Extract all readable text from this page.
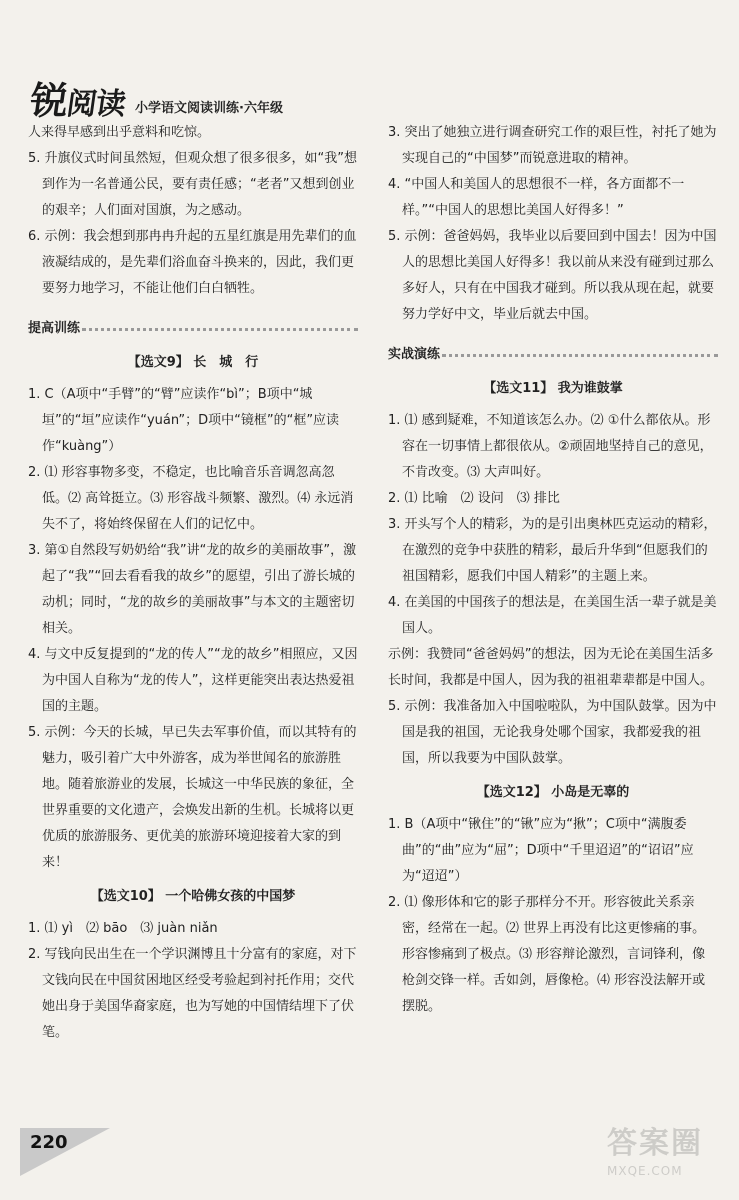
锐阅读 小学语文阅读训练·六年级

人来得早感到出乎意料和吃惊。

5. 升旗仪式时间虽然短，但观众想了很多很多，如“我”想到作为一名普通公民，要有责任感；“老者”又想到创业的艰辛；人们面对国旗，为之感动。

6. 示例：我会想到那冉冉升起的五星红旗是用先辈们的血液凝结成的，是先辈们浴血奋斗换来的，因此，我们更要努力地学习，不能让他们白白牺牲。

提高训练
【选文9】 长　城　行

1. C（A项中“手臂”的“臂”应读作“bì”；B项中“城垣”的“垣”应读作“yuán”；D项中“镜框”的“框”应读作“kuàng”）

2. ⑴ 形容事物多变，不稳定，也比喻音乐音调忽高忽低。⑵ 高耸挺立。⑶ 形容战斗频繁、激烈。⑷ 永远消失不了，将始终保留在人们的记忆中。

3. 第①自然段写奶奶给“我”讲“龙的故乡的美丽故事”，激起了“我”“回去看看我的故乡”的愿望，引出了游长城的动机；同时，“龙的故乡的美丽故事”与本文的主题密切相关。

4. 与文中反复提到的“龙的传人”“龙的故乡”相照应，又因为中国人自称为“龙的传人”，这样更能突出表达热爱祖国的主题。

5. 示例：今天的长城，早已失去军事价值，而以其特有的魅力，吸引着广大中外游客，成为举世闻名的旅游胜地。随着旅游业的发展，长城这一中华民族的象征，全世界重要的文化遗产，会焕发出新的生机。长城将以更优质的旅游服务、更优美的旅游环境迎接着大家的到来！

【选文10】 一个哈佛女孩的中国梦

1. ⑴ yì　⑵ bāo　⑶ juàn niǎn

2. 写钱向民出生在一个学识渊博且十分富有的家庭，对下文钱向民在中国贫困地区经受考验起到衬托作用；交代她出身于美国华裔家庭，也为写她的中国情结埋下了伏笔。

3. 突出了她独立进行调查研究工作的艰巨性，衬托了她为实现自己的“中国梦”而锐意进取的精神。

4. “中国人和美国人的思想很不一样，各方面都不一样。”“中国人的思想比美国人好得多！”

5. 示例：爸爸妈妈，我毕业以后要回到中国去！因为中国人的思想比美国人好得多！我以前从来没有碰到过那么多好人，只有在中国我才碰到。所以我从现在起，就要努力学好中文，毕业后就去中国。

实战演练
【选文11】 我为谁鼓掌

1. ⑴ 感到疑难，不知道该怎么办。⑵ ①什么都依从。形容在一切事情上都很依从。②顽固地坚持自己的意见，不肯改变。⑶ 大声叫好。

2. ⑴ 比喻　⑵ 设问　⑶ 排比

3. 开头写个人的精彩，为的是引出奥林匹克运动的精彩，在激烈的竞争中获胜的精彩，最后升华到“但愿我们的祖国精彩，愿我们中国人精彩”的主题上来。

4. 在美国的中国孩子的想法是，在美国生活一辈子就是美国人。

示例：我赞同“爸爸妈妈”的想法，因为无论在美国生活多长时间，我都是中国人，因为我的祖祖辈辈都是中国人。

5. 示例：我准备加入中国啦啦队，为中国队鼓掌。因为中国是我的祖国，无论我身处哪个国家，我都爱我的祖国，所以我要为中国队鼓掌。

【选文12】 小岛是无辜的

1. B（A项中“锹住”的“锹”应为“揪”；C项中“满腹委曲”的“曲”应为“屈”；D项中“千里迢迢”的“诏诏”应为“迢迢”）

2. ⑴ 像形体和它的影子那样分不开。形容彼此关系亲密，经常在一起。⑵ 世界上再没有比这更惨痛的事。形容惨痛到了极点。⑶ 形容辩论激烈，言词锋利，像枪剑交锋一样。舌如剑，唇像枪。⑷ 形容没法解开或摆脱。

220	答案圈
MXQE.COM
